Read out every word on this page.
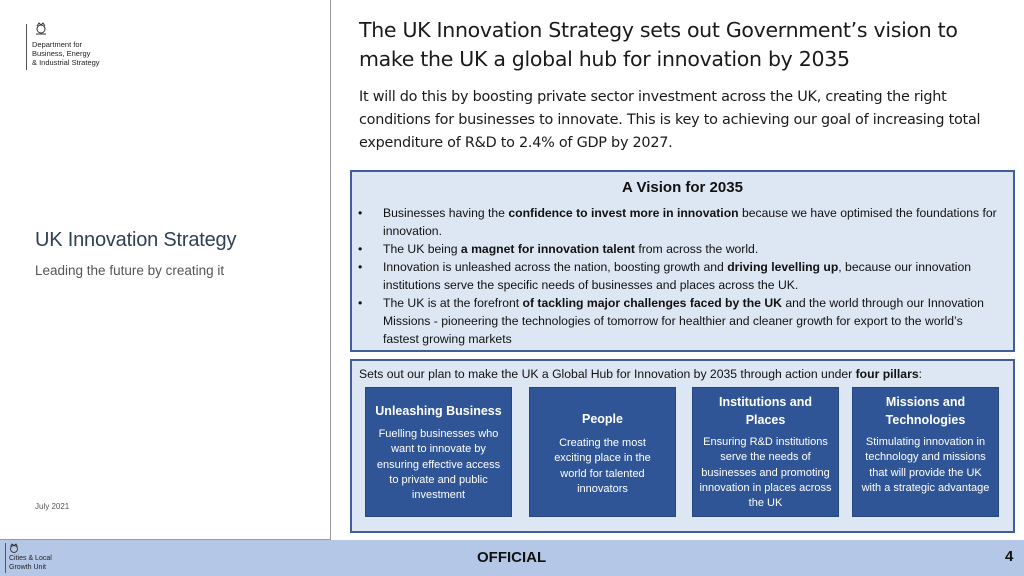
Department for
Business, Energy
& Industrial Strategy
UK Innovation Strategy
Leading the future by creating it
July 2021
The UK Innovation Strategy sets out Government’s vision to make the UK a global hub for innovation by 2035
It will do this by boosting private sector investment across the UK, creating the right conditions for businesses to innovate. This is key to achieving our goal of increasing total expenditure of R&D to 2.4% of GDP by 2027.
A Vision for 2035
• Businesses having the confidence to invest more in innovation because we have optimised the foundations for innovation.
• The UK being a magnet for innovation talent from across the world.
• Innovation is unleashed across the nation, boosting growth and driving levelling up, because our innovation institutions serve the specific needs of businesses and places across the UK.
• The UK is at the forefront of tackling major challenges faced by the UK and the world through our Innovation Missions - pioneering the technologies of tomorrow for healthier and cleaner growth for export to the world’s fastest growing markets
Sets out our plan to make the UK a Global Hub for Innovation by 2035 through action under four pillars:
Unleashing Business

Fuelling businesses who want to innovate by ensuring effective access to private and public investment

People

Creating the most exciting place in the world for talented innovators

Institutions and Places

Ensuring R&D institutions serve the needs of businesses and promoting innovation in places across the UK

Missions and Technologies

Stimulating innovation in technology and missions that will provide the UK with a strategic advantage

Cities & Local
Growth Unit
OFFICIAL	4
